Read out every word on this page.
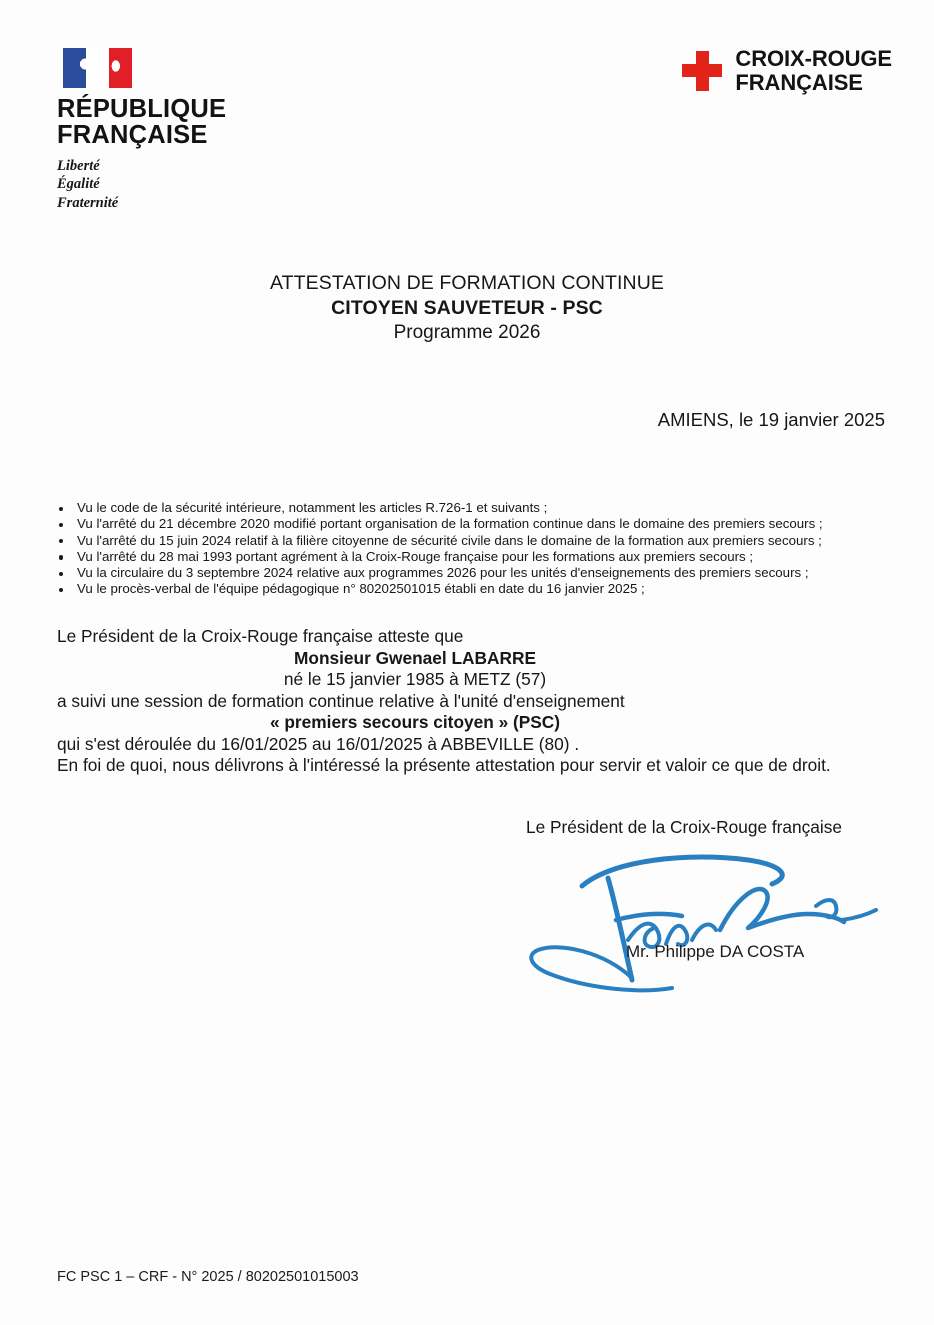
RÉPUBLIQUE
FRANÇAISE
Liberté
Égalité
Fraternité
CROIX-ROUGE
FRANÇAISE
ATTESTATION DE FORMATION CONTINUE
CITOYEN SAUVETEUR - PSC
Programme 2026
AMIENS, le 19 janvier 2025
Vu le code de la sécurité intérieure, notamment les articles R.726-1 et suivants ;
Vu l'arrêté du 21 décembre 2020 modifié portant organisation de la formation continue dans le domaine des premiers secours ;
Vu l'arrêté du 15 juin 2024 relatif à la filière citoyenne de sécurité civile dans le domaine de la formation aux premiers secours ;
Vu l'arrêté du 28 mai 1993 portant agrément à la Croix-Rouge française pour les formations aux premiers secours ;
Vu la circulaire du 3 septembre 2024 relative aux programmes 2026 pour les unités d'enseignements des premiers secours ;
Vu le procès-verbal de l'équipe pédagogique n° 80202501015 établi en date du 16 janvier 2025 ;
Le Président de la Croix-Rouge française atteste que
Monsieur Gwenael LABARRE
né le 15 janvier 1985 à METZ (57)
a suivi une session de formation continue relative à l'unité d'enseignement
« premiers secours citoyen » (PSC)
qui s'est déroulée du 16/01/2025 au 16/01/2025 à ABBEVILLE (80) .
En foi de quoi, nous délivrons à l'intéressé la présente attestation pour servir et valoir ce que de droit.
Le Président de la Croix-Rouge française
Mr. Philippe DA COSTA
FC PSC 1 – CRF - N° 2025 / 80202501015003
